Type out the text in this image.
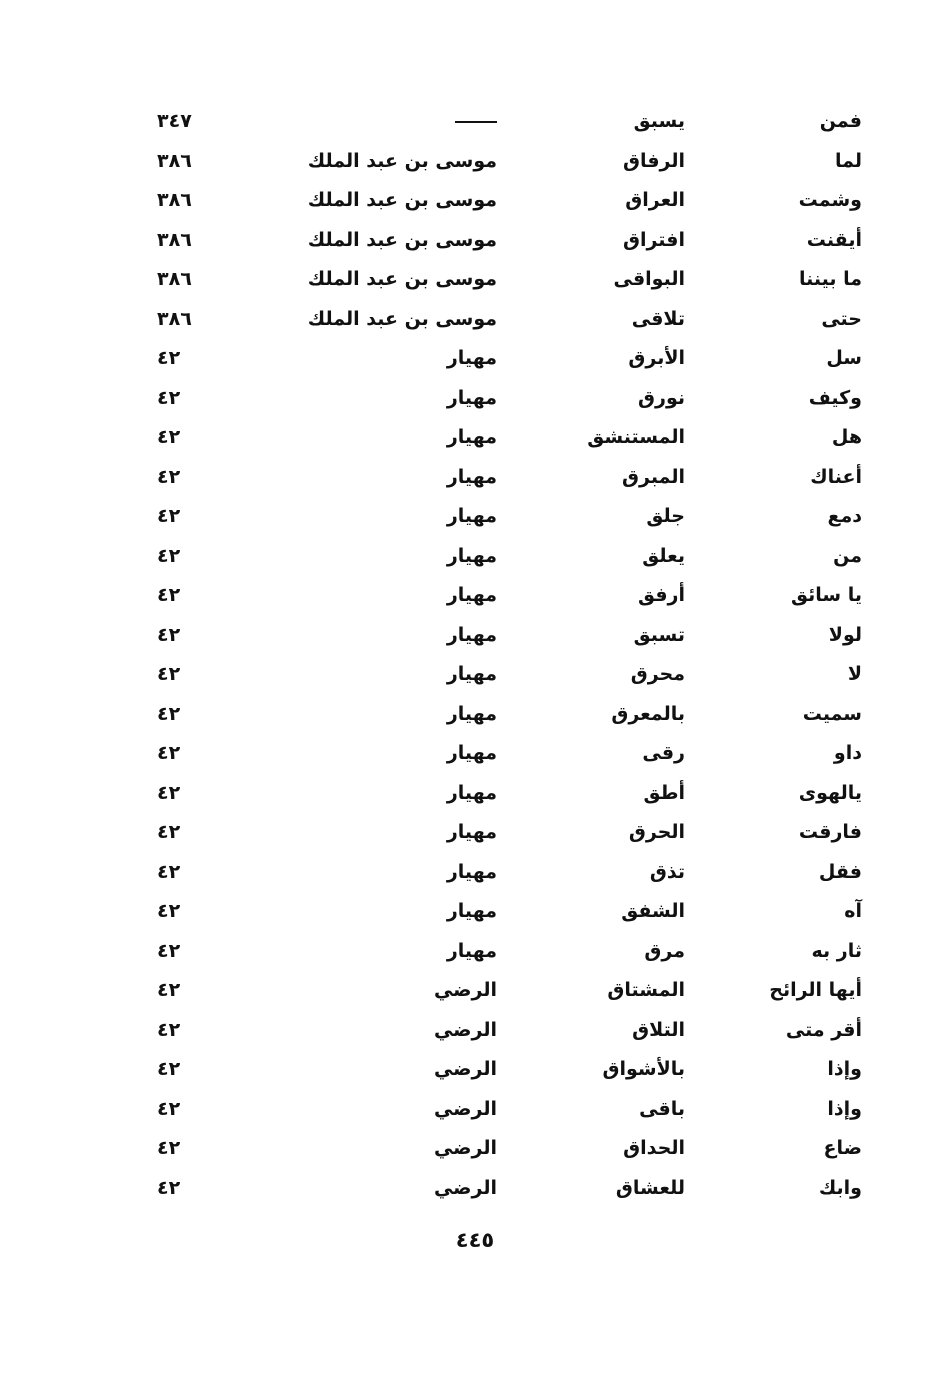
فمن
يسبق
٣٤٧
لما
الرفاق
موسى بن عبد الملك
٣٨٦
وشمت
العراق
موسى بن عبد الملك
٣٨٦
أيقنت
افتراق
موسى بن عبد الملك
٣٨٦
ما بيننا
البواقى
موسى بن عبد الملك
٣٨٦
حتى
تلاقى
موسى بن عبد الملك
٣٨٦
سل
الأبرق
مهيار
٤٢
وكيف
نورق
مهيار
٤٢
هل
المستنشق
مهيار
٤٢
أعناك
المبرق
مهيار
٤٢
دمع
جلق
مهيار
٤٢
من
يعلق
مهيار
٤٢
يا سائق
أرفق
مهيار
٤٢
لولا
تسبق
مهيار
٤٢
لا
محرق
مهيار
٤٢
سميت
بالمعرق
مهيار
٤٢
داو
رقى
مهيار
٤٢
يالهوى
أطق
مهيار
٤٢
فارقت
الحرق
مهيار
٤٢
فقل
تذق
مهيار
٤٢
آه
الشفق
مهيار
٤٢
ثار به
مرق
مهيار
٤٢
أيها الرائح
المشتاق
الرضي
٤٢
أقر متى
التلاق
الرضي
٤٢
وإذا
بالأشواق
الرضي
٤٢
وإذا
باقى
الرضي
٤٢
ضاع
الحداق
الرضي
٤٢
وابك
للعشاق
الرضي
٤٢
٤٤٥
